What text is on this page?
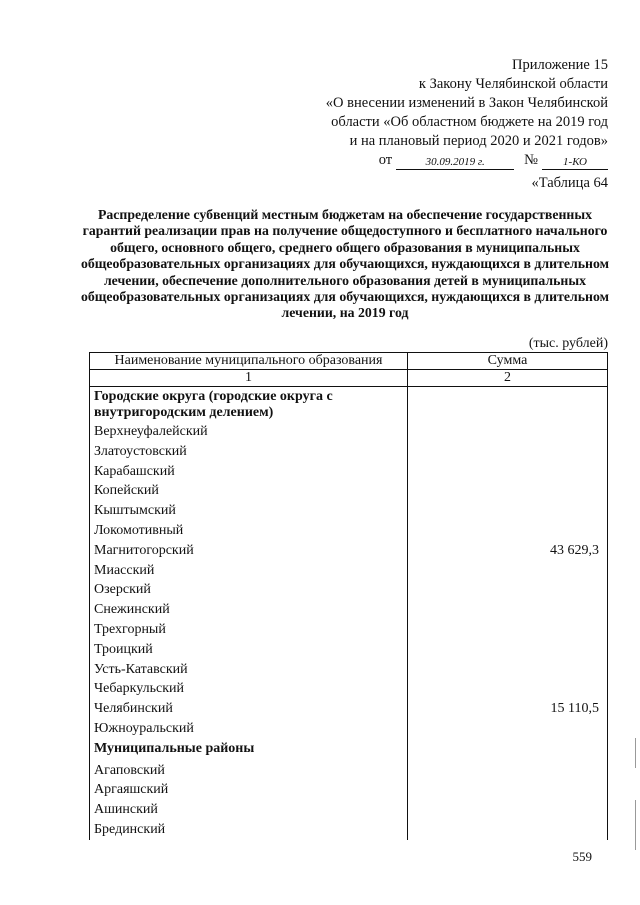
Приложение 15
к Закону Челябинской области
«О внесении изменений в Закон Челябинской
области «Об областном бюджете на 2019 год
и на плановый период 2020 и 2021 годов»
от	30.09.2019 г.	№	1-КО
«Таблица 64
Распределение субвенций местным бюджетам на обеспечение государственных гарантий реализации прав на получение общедоступного и бесплатного начального общего, основного общего, среднего общего образования в муниципальных общеобразовательных организациях для обучающихся, нуждающихся в длительном лечении, обеспечение дополнительного образования детей в муниципальных общеобразовательных организациях для обучающихся, нуждающихся в длительном лечении, на 2019 год
(тыс. рублей)
Наименование муниципального образования	Сумма
1	2
Городские округа (городские округа с внутригородским делением)	
Верхнеуфалейский	
Златоустовский	
Карабашский	
Копейский	
Кыштымский	
Локомотивный	
Магнитогорский	43 629,3
Миасский	
Озерский	
Снежинский	
Трехгорный	
Троицкий	
Усть-Катавский	
Чебаркульский	
Челябинский	15 110,5
Южноуральский	
Муниципальные районы	
Агаповский	
Аргаяшский	
Ашинский	
Брединский	
559
